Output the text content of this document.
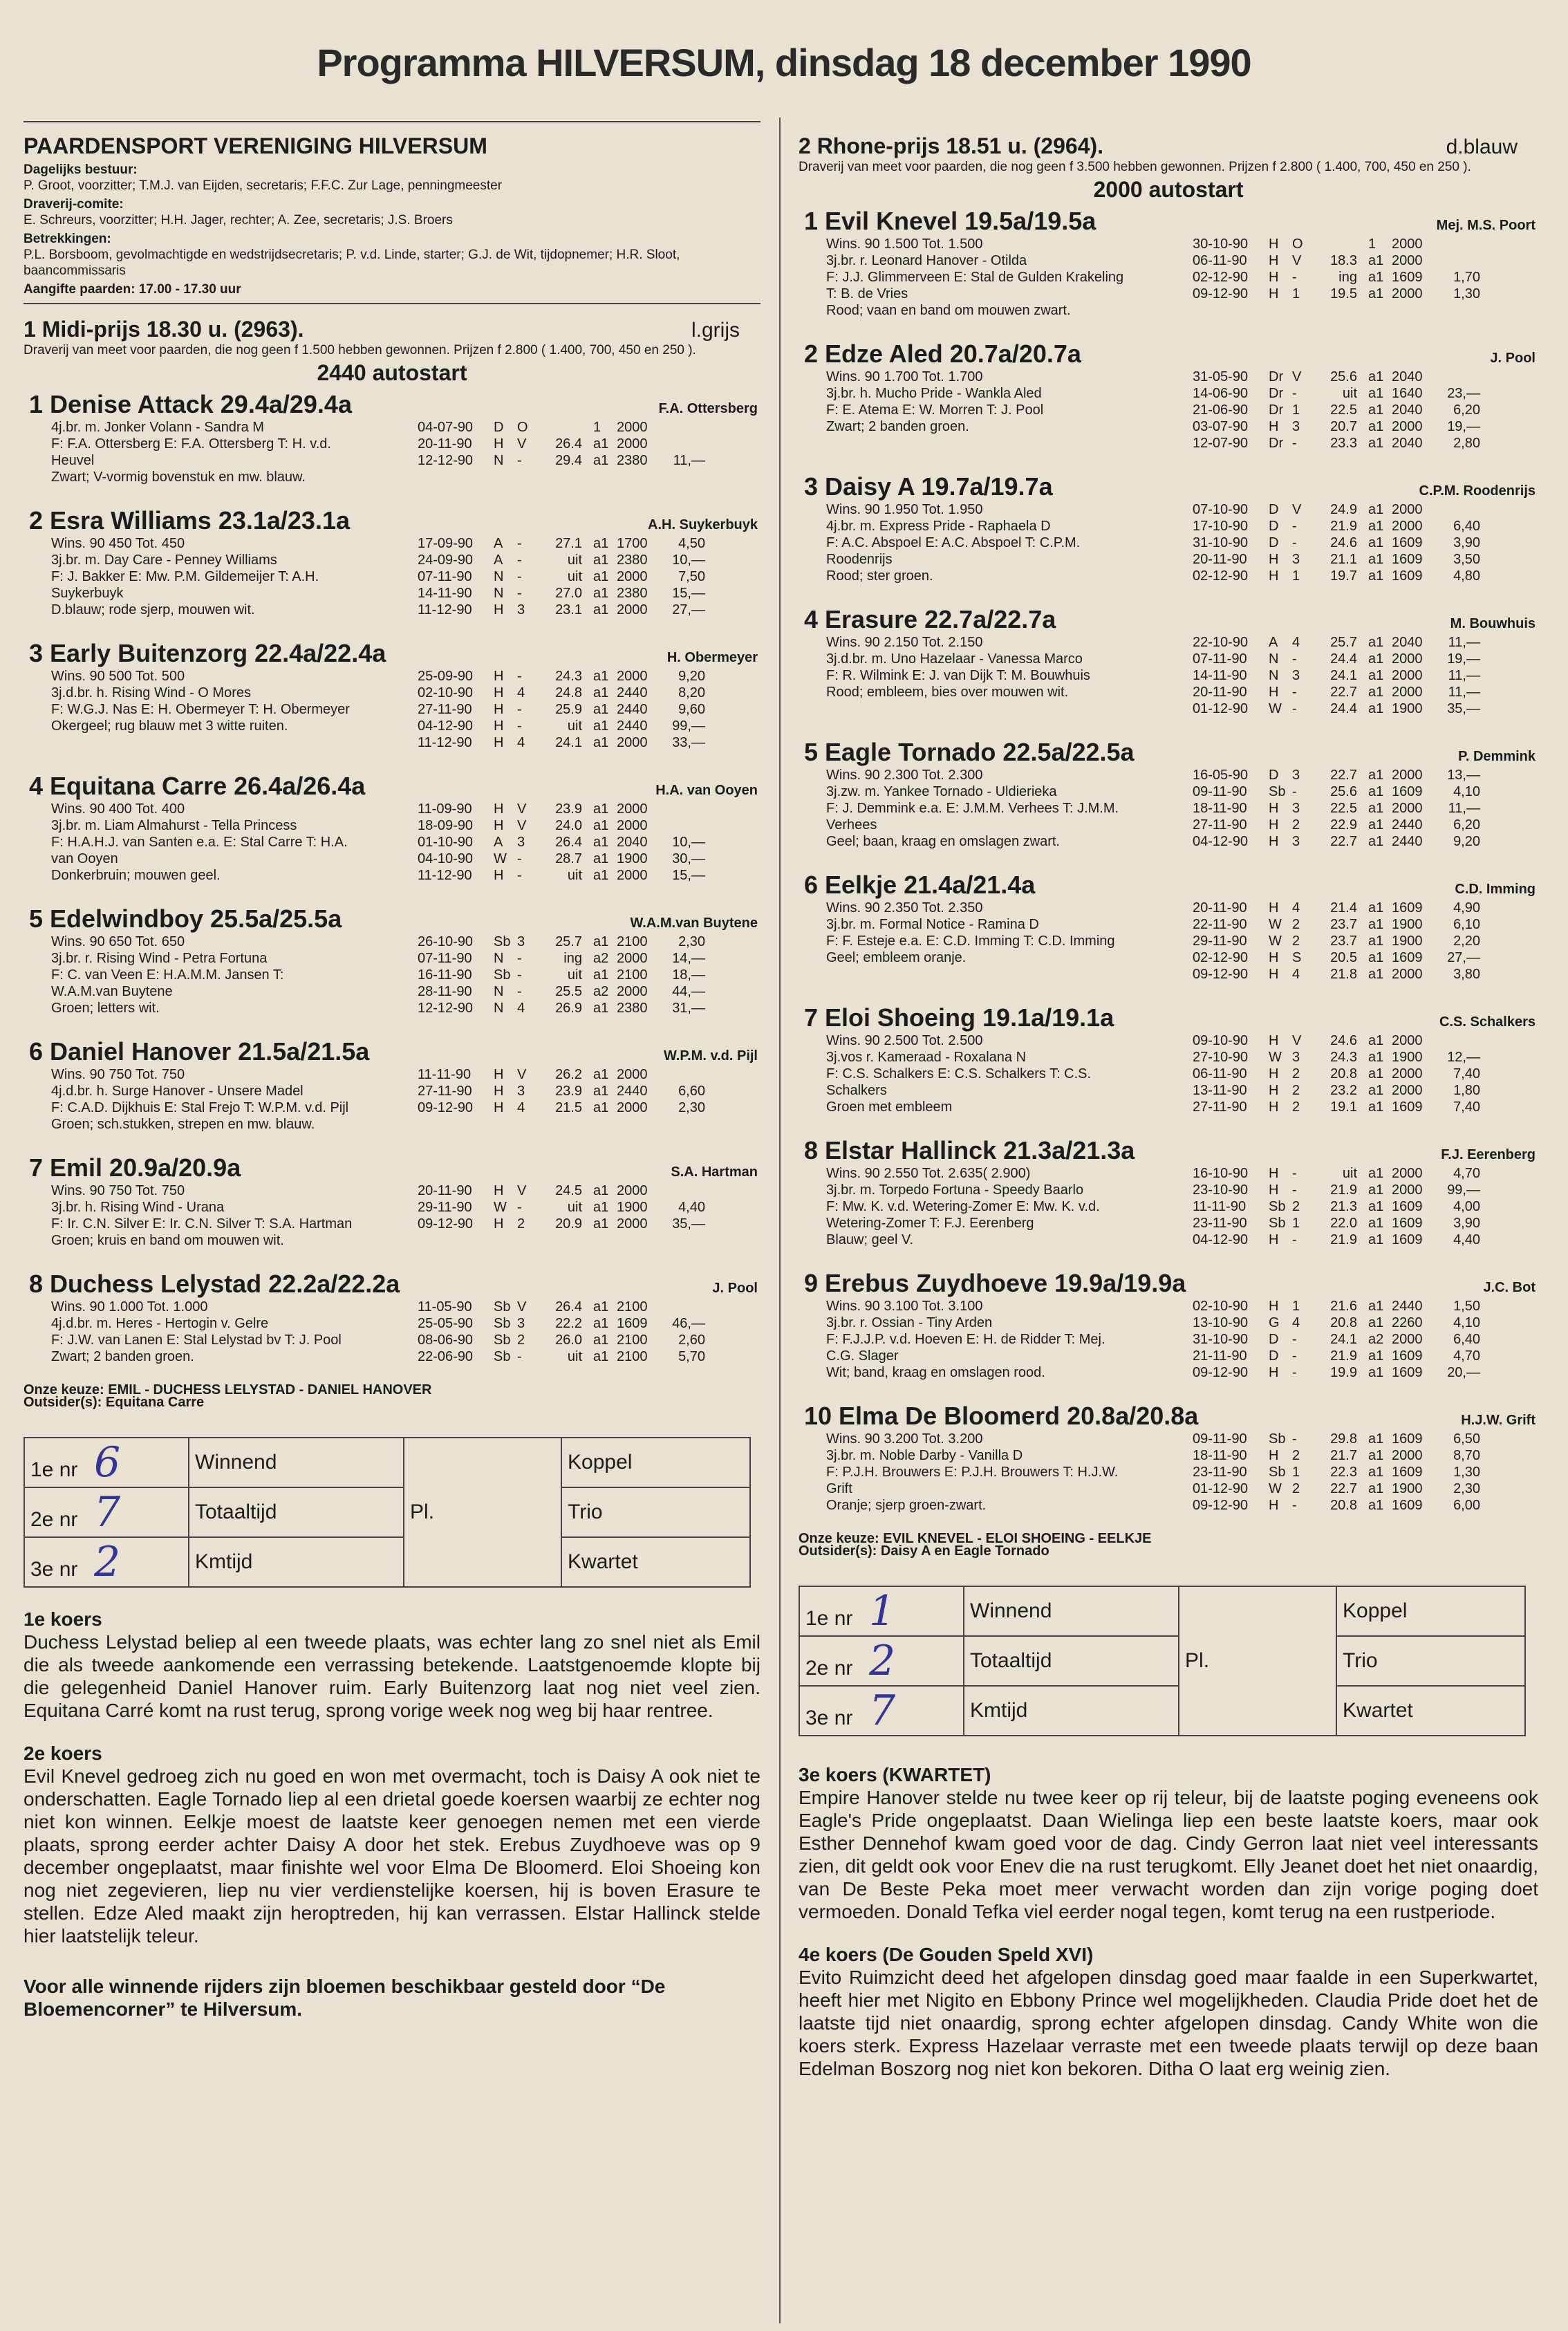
Programma HILVERSUM, dinsdag 18 december 1990
PAARDENSPORT VERENIGING HILVERSUM
Dagelijks bestuur:
P. Groot, voorzitter; T.M.J. van Eijden, secretaris; F.F.C. Zur Lage, penningmeester
Draverij-comite:
E. Schreurs, voorzitter; H.H. Jager, rechter; A. Zee, secretaris; J.S. Broers
Betrekkingen:
P.L. Borsboom, gevolmachtigde en wedstrijdsecretaris; P. v.d. Linde, starter; G.J. de Wit, tijdopnemer; H.R. Sloot, baancommissaris
Aangifte paarden: 17.00 - 17.30 uur
1 Midi-prijs 18.30 u. (2963).	l.grijs
Draverij van meet voor paarden, die nog geen f 1.500 hebben gewonnen. Prijzen f 2.800 ( 1.400, 700, 450 en 250 ).
2440 autostart
1 Denise Attack 29.4a/29.4a	F.A. Ottersberg
4j.br. m. Jonker Volann - Sandra M
F: F.A. Ottersberg E: F.A. Ottersberg T: H. v.d.
Heuvel
Zwart; V-vormig bovenstuk en mw. blauw.
04-07-90	D O	1	2000
20-11-90	H V	26.4 a1 2000
12-12-90	N -	29.4 a1 2380	11,—
2 Esra Williams 23.1a/23.1a	A.H. Suykerbuyk
Wins. 90 450 Tot. 450
3j.br. m. Day Care - Penney Williams
F: J. Bakker E: Mw. P.M. Gildemeijer T: A.H.
Suykerbuyk
D.blauw; rode sjerp, mouwen wit.
17-09-90	A	-	27.1 a1 1700	4,50
24-09-90	A	-	uit a1 2380	10,—
07-11-90	N -	uit a1 2000	7,50
14-11-90	N -	27.0 a1 2380	15,—
11-12-90	H 3	23.1 a1 2000	27,—
3 Early Buitenzorg 22.4a/22.4a	H. Obermeyer
Wins. 90 500 Tot. 500
3j.d.br. h. Rising Wind - O Mores
F: W.G.J. Nas E: H. Obermeyer T: H. Obermeyer
Okergeel; rug blauw met 3 witte ruiten.
25-09-90	H -	24.3 a1 2000	9,20
02-10-90	H 4	24.8 a1 2440	8,20
27-11-90	H -	25.9 a1 2440	9,60
04-12-90	H -	uit a1 2440	99,—
11-12-90	H 4	24.1 a1 2000	33,—
4 Equitana Carre 26.4a/26.4a	H.A. van Ooyen
Wins. 90 400 Tot. 400
3j.br. m. Liam Almahurst - Tella Princess
F: H.A.H.J. van Santen e.a. E: Stal Carre T: H.A.
van Ooyen
Donkerbruin; mouwen geel.
11-09-90	H V	23.9 a1 2000
18-09-90	H V	24.0 a1 2000
01-10-90	A	3	26.4 a1 2040	10,—
04-10-90	W -	28.7 a1 1900	30,—
11-12-90	H -	uit a1 2000	15,—
5 Edelwindboy 25.5a/25.5a	W.A.M.van Buytene
Wins. 90 650 Tot. 650
3j.br. r. Rising Wind - Petra Fortuna
F: C. van Veen E: H.A.M.M. Jansen T:
W.A.M.van Buytene
Groen; letters wit.
26-10-90	Sb 3	25.7 a1 2100	2,30
07-11-90	N -	ing a2 2000	14,—
16-11-90	Sb -	uit a1 2100	18,—
28-11-90	N -	25.5 a2 2000	44,—
12-12-90	N 4	26.9 a1 2380	31,—
6 Daniel Hanover 21.5a/21.5a	W.P.M. v.d. Pijl
Wins. 90 750 Tot. 750
4j.d.br. h. Surge Hanover - Unsere Madel
F: C.A.D. Dijkhuis E: Stal Frejo T: W.P.M. v.d. Pijl
Groen; sch.stukken, strepen en mw. blauw.
11-11-90	H V	26.2 a1 2000
27-11-90	H 3	23.9 a1 2440	6,60
09-12-90	H 4	21.5 a1 2000	2,30
7 Emil 20.9a/20.9a	S.A. Hartman
Wins. 90 750 Tot. 750
3j.br. h. Rising Wind - Urana
F: Ir. C.N. Silver E: Ir. C.N. Silver T: S.A. Hartman
Groen; kruis en band om mouwen wit.
20-11-90	H V	24.5 a1 2000
29-11-90	W -	uit a1 1900	4,40
09-12-90	H 2	20.9 a1 2000	35,—
8 Duchess Lelystad 22.2a/22.2a	J. Pool
Wins. 90 1.000 Tot. 1.000
4j.d.br. m. Heres - Hertogin v. Gelre
F: J.W. van Lanen E: Stal Lelystad bv T: J. Pool
Zwart; 2 banden groen.
11-05-90	Sb V	26.4 a1 2100
25-05-90	Sb 3	22.2 a1 1609	46,—
08-06-90	Sb 2	26.0 a1 2100	2,60
22-06-90	Sb -	uit a1 2100	5,70
Onze keuze: EMIL - DUCHESS LELYSTAD - DANIEL HANOVER
Outsider(s): Equitana Carre
1e nr 6	Winnend	Pl.	Koppel
2e nr 7	Totaaltijd		Trio
3e nr 2	Kmtijd		Kwartet
1e koers
Duchess Lelystad beliep al een tweede plaats, was echter lang zo snel niet als Emil die als tweede aankomende een verrassing betekende. Laatstgenoemde klopte bij die gelegenheid Daniel Hanover ruim. Early Buitenzorg laat nog niet veel zien. Equitana Carré komt na rust terug, sprong vorige week nog weg bij haar rentree.
2e koers
Evil Knevel gedroeg zich nu goed en won met overmacht, toch is Daisy A ook niet te onderschatten. Eagle Tornado liep al een drietal goede koersen waarbij ze echter nog niet kon winnen. Eelkje moest de laatste keer genoegen nemen met een vierde plaats, sprong eerder achter Daisy A door het stek. Erebus Zuydhoeve was op 9 december ongeplaatst, maar finishte wel voor Elma De Bloomerd. Eloi Shoeing kon nog niet zegevieren, liep nu vier verdienstelijke koersen, hij is boven Erasure te stellen. Edze Aled maakt zijn herоptreden, hij kan verrassen. Elstar Hallinck stelde hier laatstelijk teleur.
Voor alle winnende rijders zijn bloemen beschikbaar gesteld door “De Bloemencorner” te Hilversum.
2 Rhone-prijs 18.51 u. (2964).	d.blauw
Draverij van meet voor paarden, die nog geen f 3.500 hebben gewonnen. Prijzen f 2.800 ( 1.400, 700, 450 en 250 ).
2000 autostart
1 Evil Knevel 19.5a/19.5a	Mej. M.S. Poort
Wins. 90 1.500 Tot. 1.500
3j.br. r. Leonard Hanover - Otilda
F: J.J. Glimmerveen E: Stal de Gulden Krakeling
T: B. de Vries
Rood; vaan en band om mouwen zwart.
30-10-90	H O	1	2000
06-11-90	H V	18.3 a1 2000
02-12-90	H -	ing a1 1609	1,70
09-12-90	H 1	19.5 a1 2000	1,30
2 Edze Aled 20.7a/20.7a	J. Pool
Wins. 90 1.700 Tot. 1.700
3j.br. h. Mucho Pride - Wankla Aled
F: E. Atema E: W. Morren T: J. Pool
Zwart; 2 banden groen.
31-05-90	Dr V	25.6 a1 2040
14-06-90	Dr -	uit a1 1640	23,—
21-06-90	Dr 1	22.5 a1 2040	6,20
03-07-90	H 3	20.7 a1 2000	19,—
12-07-90	Dr -	23.3 a1 2040	2,80
3 Daisy A 19.7a/19.7a	C.P.M. Roodenrijs
Wins. 90 1.950 Tot. 1.950
4j.br. m. Express Pride - Raphaela D
F: A.C. Abspoel E: A.C. Abspoel T: C.P.M.
Roodenrijs
Rood; ster groen.
07-10-90	D V	24.9 a1 2000
17-10-90	D -	21.9 a1 2000	6,40
31-10-90	D -	24.6 a1 1609	3,90
20-11-90	H 3	21.1 a1 1609	3,50
02-12-90	H 1	19.7 a1 1609	4,80
4 Erasure 22.7a/22.7a	M. Bouwhuis
Wins. 90 2.150 Tot. 2.150
3j.d.br. m. Uno Hazelaar - Vanessa Marco
F: R. Wilmink E: J. van Dijk T: M. Bouwhuis
Rood; embleem, bies over mouwen wit.
22-10-90	A	4	25.7 a1 2040	11,—
07-11-90	N -	24.4 a1 2000	19,—
14-11-90	N 3	24.1 a1 2000	11,—
20-11-90	H -	22.7 a1 2000	11,—
01-12-90	W -	24.4 a1 1900	35,—
5 Eagle Tornado 22.5a/22.5a	P. Demmink
Wins. 90 2.300 Tot. 2.300
3j.zw. m. Yankee Tornado - Uldierieka
F: J. Demmink e.a. E: J.M.M. Verhees T: J.M.M.
Verhees
Geel; baan, kraag en omslagen zwart.
16-05-90	D 3	22.7 a1 2000	13,—
09-11-90	Sb -	25.6 a1 1609	4,10
18-11-90	H 3	22.5 a1 2000	11,—
27-11-90	H 2	22.9 a1 2440	6,20
04-12-90	H 3	22.7 a1 2440	9,20
6 Eelkje 21.4a/21.4a	C.D. Imming
Wins. 90 2.350 Tot. 2.350
3j.br. m. Formal Notice - Ramina D
F: F. Esteje e.a. E: C.D. Imming T: C.D. Imming
Geel; embleem oranje.
20-11-90	H 4	21.4 a1 1609	4,90
22-11-90	W 2	23.7 a1 1900	6,10
29-11-90	W 2	23.7 a1 1900	2,20
02-12-90	H S	20.5 a1 1609	27,—
09-12-90	H 4	21.8 a1 2000	3,80
7 Eloi Shoeing 19.1a/19.1a	C.S. Schalkers
Wins. 90 2.500 Tot. 2.500
3j.vos r. Kameraad - Roxalana N
F: C.S. Schalkers E: C.S. Schalkers T: C.S.
Schalkers
Groen met embleem
09-10-90	H V	24.6 a1 2000
27-10-90	W 3	24.3 a1 1900	12,—
06-11-90	H 2	20.8 a1 2000	7,40
13-11-90	H 2	23.2 a1 2000	1,80
27-11-90	H 2	19.1 a1 1609	7,40
8 Elstar Hallinck 21.3a/21.3a	F.J. Eerenberg
Wins. 90 2.550 Tot. 2.635( 2.900)
3j.br. m. Torpedo Fortuna - Speedy Baarlo
F: Mw. K. v.d. Wetering-Zomer E: Mw. K. v.d.
Wetering-Zomer T: F.J. Eerenberg
Blauw; geel V.
16-10-90	H -	uit a1 2000	4,70
23-10-90	H -	21.9 a1 2000	99,—
11-11-90	Sb 2	21.3 a1 1609	4,00
23-11-90	Sb 1	22.0 a1 1609	3,90
04-12-90	H -	21.9 a1 1609	4,40
9 Erebus Zuydhoeve 19.9a/19.9a	J.C. Bot
Wins. 90 3.100 Tot. 3.100
3j.br. r. Ossian - Tiny Arden
F: F.J.J.P. v.d. Hoeven E: H. de Ridder T: Mej.
C.G. Slager
Wit; band, kraag en omslagen rood.
02-10-90	H 1	21.6 a1 2440	1,50
13-10-90	G 4	20.8 a1 2260	4,10
31-10-90	D -	24.1 a2 2000	6,40
21-11-90	D -	21.9 a1 1609	4,70
09-12-90	H -	19.9 a1 1609	20,—
10 Elma De Bloomerd 20.8a/20.8a	H.J.W. Grift
Wins. 90 3.200 Tot. 3.200
3j.br. m. Noble Darby - Vanilla D
F: P.J.H. Brouwers E: P.J.H. Brouwers T: H.J.W.
Grift
Oranje; sjerp groen-zwart.
09-11-90	Sb -	29.8 a1 1609	6,50
18-11-90	H 2	21.7 a1 2000	8,70
23-11-90	Sb 1	22.3 a1 1609	1,30
01-12-90	W 2	22.7 a1 1900	2,30
09-12-90	H -	20.8 a1 1609	6,00
Onze keuze: EVIL KNEVEL - ELOI SHOEING - EELKJE
Outsider(s): Daisy A en Eagle Tornado
1e nr 1	Winnend	Pl.	Koppel
2e nr 2	Totaaltijd		Trio
3e nr 7	Kmtijd		Kwartet
3e koers (KWARTET)
Empire Hanover stelde nu twee keer op rij teleur, bij de laatste poging eveneens ook Eagle's Pride ongeplaatst. Daan Wielinga liep een beste laatste koers, maar ook Esther Dennehof kwam goed voor de dag. Cindy Gerron laat niet veel interessants zien, dit geldt ook voor Enev die na rust terugkomt. Elly Jeanet doet het niet onaardig, van De Beste Peka moet meer verwacht worden dan zijn vorige poging doet vermoeden. Donald Tefka viel eerder nogal tegen, komt terug na een rustperiode.
4e koers (De Gouden Speld XVI)
Evito Ruimzicht deed het afgelopen dinsdag goed maar faalde in een Superkwartet, heeft hier met Nigito en Ebbony Prince wel mogelijkheden. Claudia Pride doet het de laatste tijd niet onaardig, sprong echter afgelopen dinsdag. Candy White won die koers sterk. Express Hazelaar verraste met een tweede plaats terwijl op deze baan Edelman Boszorg nog niet kon bekoren. Ditha O laat erg weinig zien.
